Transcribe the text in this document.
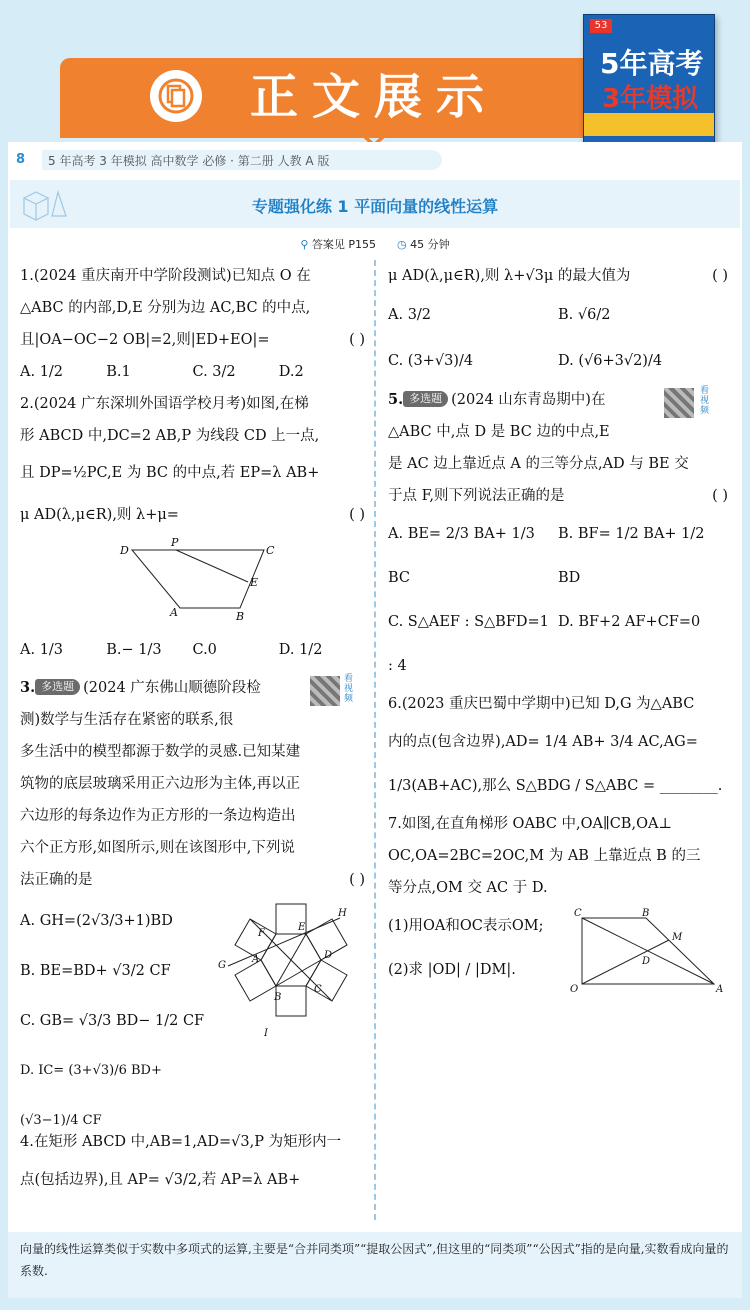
正文展示
53
5年高考
3年模拟
8 5 年高考 3 年模拟 高中数学 必修 · 第二册 人教 A 版
专题强化练 1 平面向量的线性运算
⚲ 答案见 P155 ◷ 45 分钟

1.(2024 重庆南开中学阶段测试)已知点 O 在

△ABC 的内部,D,E 分别为边 AC,BC 的中点,

且|OA−OC−2 OB|=2,则|ED+EO|=	( )

A. 1/2	B.1	C. 3/2	D.2

2.(2024 广东深圳外国语学校月考)如图,在梯

形 ABCD 中,DC=2 AB,P 为线段 CD 上一点,

且 DP=½PC,E 为 BC 的中点,若 EP=λ AB+

μ AD(λ,μ∈R),则 λ+μ=	( )

D
P
C
E
A	B
A. 1/3	B.− 1/3	C.0	D. 1/2

3. 多选题 (2024 广东佛山顺德阶段检
看视频

测)数学与生活存在紧密的联系,很

多生活中的模型都源于数学的灵感.已知某建

筑物的底层玻璃采用正六边形为主体,再以正

六边形的每条边作为正方形的一条边构造出

六个正方形,如图所示,则在该图形中,下列说

法正确的是	( )

A. GH=(2√3/3+1)BD
B. BE=BD+ √3/2 CF
C. GB= √3/3 BD− 1/2 CF
D. IC= (3+√3)/6 BD+ (√3−1)/4 CF
H
E
F
D
G
A
C
B
I

4.在矩形 ABCD 中,AB=1,AD=√3,P 为矩形内一

点(包括边界),且 AP= √3/2,若 AP=λ AB+

μ AD(λ,μ∈R),则 λ+√3μ 的最大值为	( )

A. 3/2	B. √6/2
C. (3+√3)/4	D. (√6+3√2)/4

5. 多选题 (2024 山东青岛期中)在
看视频

△ABC 中,点 D 是 BC 边的中点,E

是 AC 边上靠近点 A 的三等分点,AD 与 BE 交

于点 F,则下列说法正确的是	( )

A. BE= 2/3 BA+ 1/3 BC
B. BF= 1/2 BA+ 1/2 BD
C. S△AEF : S△BFD=1 : 4
D. BF+2 AF+CF=0

6.(2023 重庆巴蜀中学期中)已知 D,G 为△ABC

内的点(包含边界),AD= 1/4 AB+ 3/4 AC,AG=

1/3(AB+AC),那么 S△BDG / S△ABC = ________.

7.如图,在直角梯形 OABC 中,OA∥CB,OA⊥

OC,OA=2BC=2OC,M 为 AB 上靠近点 B 的三

等分点,OM 交 AC 于 D.

(1)用OA和OC表示OM;
(2)求 |OD| / |DM|.
C	B
M
D
O	A
向量的线性运算类似于实数中多项式的运算,主要是“合并同类项”“提取公因式”,但这里的“同类项”“公因式”指的是向量,实数看成向量的系数.
